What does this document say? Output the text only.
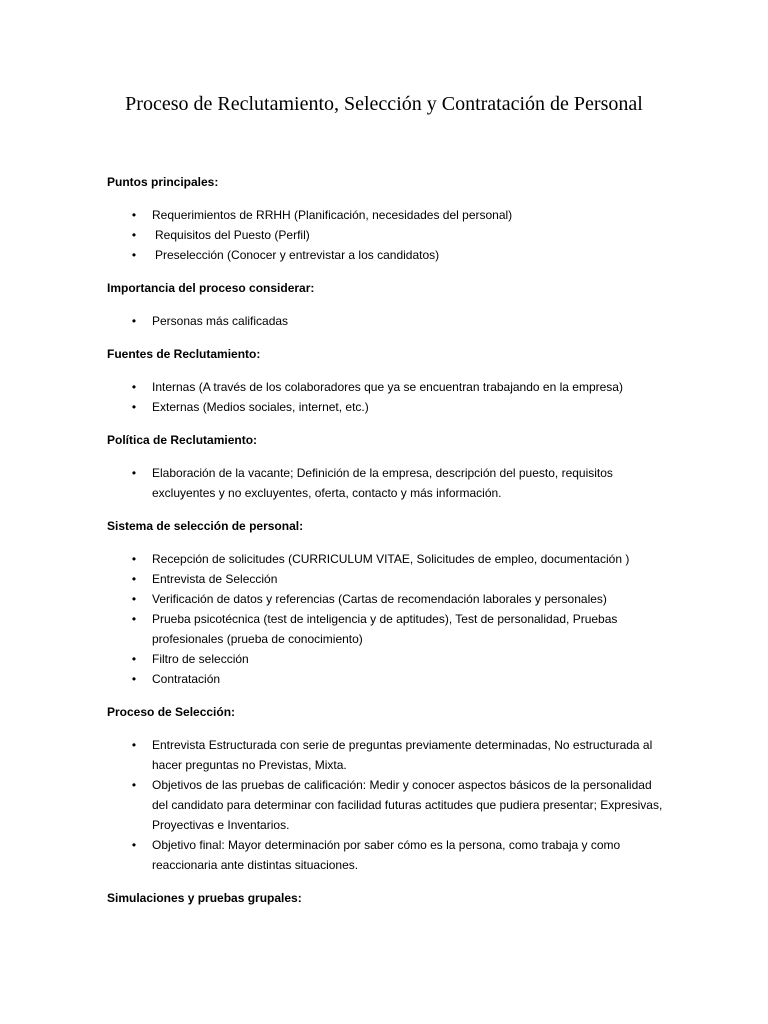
Proceso de Reclutamiento, Selección y Contratación de Personal
Puntos principales:
• Requerimientos de RRHH (Planificación, necesidades del personal)
• Requisitos del Puesto (Perfil)
• Preselección (Conocer y entrevistar a los candidatos)
Importancia del proceso considerar:
• Personas más calificadas
Fuentes de Reclutamiento:
• Internas (A través de los colaboradores que ya se encuentran trabajando en la empresa)
• Externas (Medios sociales, internet, etc.)
Política de Reclutamiento:
• Elaboración de la vacante; Definición de la empresa, descripción del puesto, requisitos excluyentes y no excluyentes, oferta, contacto y más información.
Sistema de selección de personal:
• Recepción de solicitudes (CURRICULUM VITAE, Solicitudes de empleo, documentación )
• Entrevista de Selección
• Verificación de datos y referencias (Cartas de recomendación laborales y personales)
• Prueba psicotécnica (test de inteligencia y de aptitudes), Test de personalidad, Pruebas profesionales (prueba de conocimiento)
• Filtro de selección
• Contratación
Proceso de Selección:
• Entrevista Estructurada con serie de preguntas previamente determinadas, No estructurada al hacer preguntas no Previstas, Mixta.
• Objetivos de las pruebas de calificación: Medir y conocer aspectos básicos de la personalidad del candidato para determinar con facilidad futuras actitudes que pudiera presentar; Expresivas, Proyectivas e Inventarios.
• Objetivo final: Mayor determinación por saber cómo es la persona, como trabaja y como reaccionaria ante distintas situaciones.
Simulaciones y pruebas grupales:
